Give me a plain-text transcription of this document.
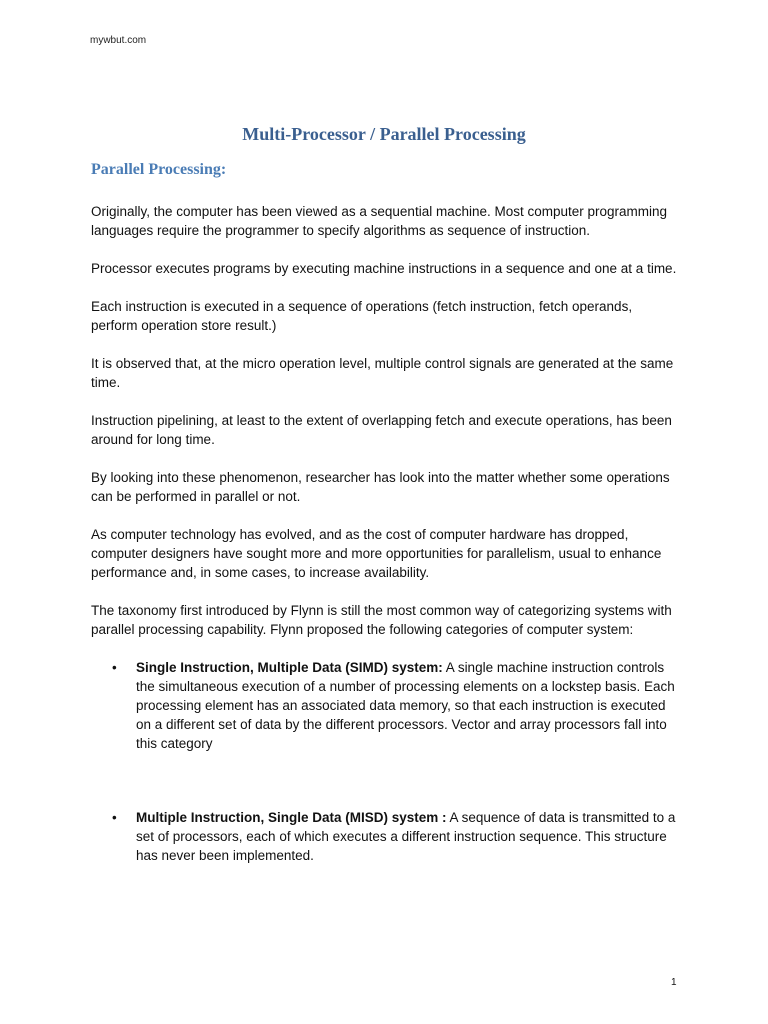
mywbut.com
Multi-Processor / Parallel Processing
Parallel Processing:

Originally, the computer has been viewed as a sequential machine. Most computer programming languages require the programmer to specify algorithms as sequence of instruction.

Processor executes programs by executing machine instructions in a sequence and one at a time.

Each instruction is executed in a sequence of operations (fetch instruction, fetch operands, perform operation store result.)

It is observed that, at the micro operation level, multiple control signals are generated at the same time.

Instruction pipelining, at least to the extent of overlapping fetch and execute operations, has been around for long time.

By looking into these phenomenon, researcher has look into the matter whether some operations can be performed in parallel or not.

As computer technology has evolved, and as the cost of computer hardware has dropped, computer designers have sought more and more opportunities for parallelism, usual to enhance performance and, in some cases, to increase availability.

The taxonomy first introduced by Flynn is still the most common way of categorizing systems with parallel processing capability. Flynn proposed the following categories of computer system:

• Single Instruction, Multiple Data (SIMD) system: A single machine instruction controls the simultaneous execution of a number of processing elements on a lockstep basis. Each processing element has an associated data memory, so that each instruction is executed on a different set of data by the different processors. Vector and array processors fall into this category
• Multiple Instruction, Single Data (MISD) system : A sequence of data is transmitted to a set of processors, each of which executes a different instruction sequence. This structure has never been implemented.
1
